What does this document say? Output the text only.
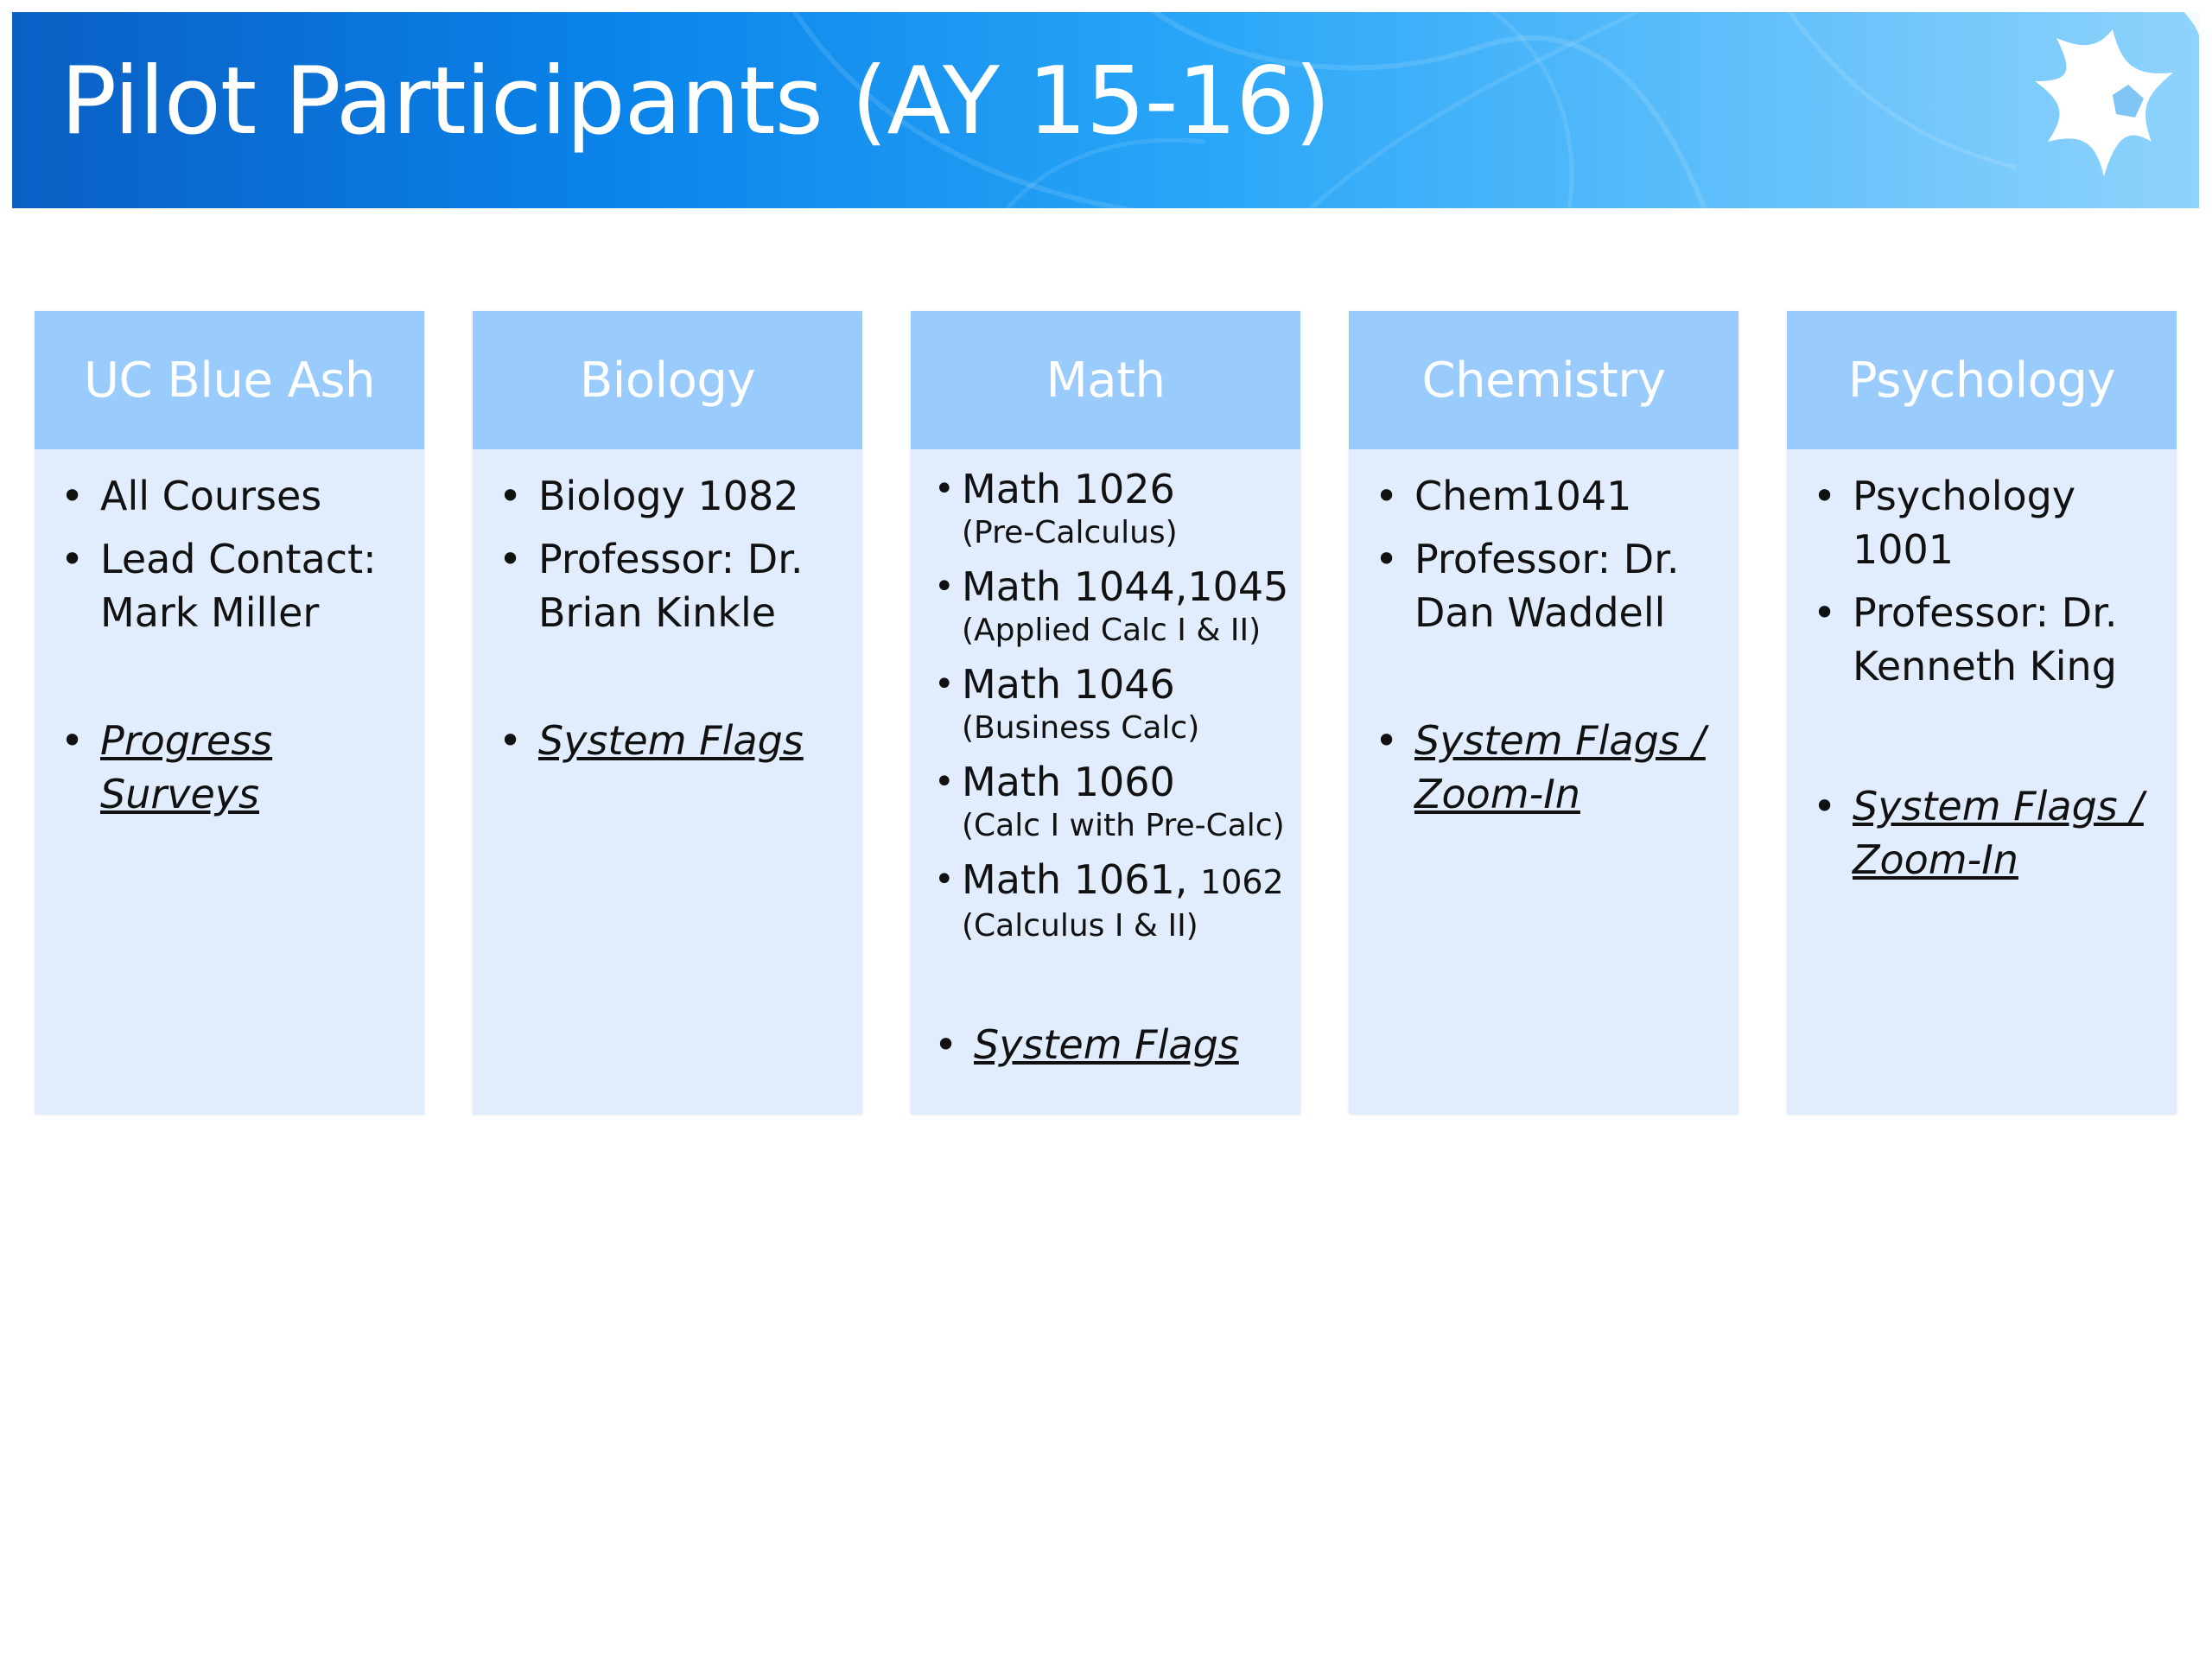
Pilot Participants (AY 15-16)
UC Blue Ash
• All Courses
• Lead Contact: Mark Miller
• Progress Surveys
Biology
• Biology 1082
• Professor: Dr. Brian Kinkle
• System Flags
Math
• Math 1026
(Pre-Calculus)
• Math 1044,1045
(Applied Calc I & II)
• Math 1046
(Business Calc)
• Math 1060
(Calc I with Pre-Calc)
• Math 1061, 1062
(Calculus I & II)
• System Flags
Chemistry
• Chem1041
• Professor: Dr. Dan Waddell
• System Flags / Zoom-In
Psychology
• Psychology 1001
• Professor: Dr. Kenneth King
• System Flags / Zoom-In
